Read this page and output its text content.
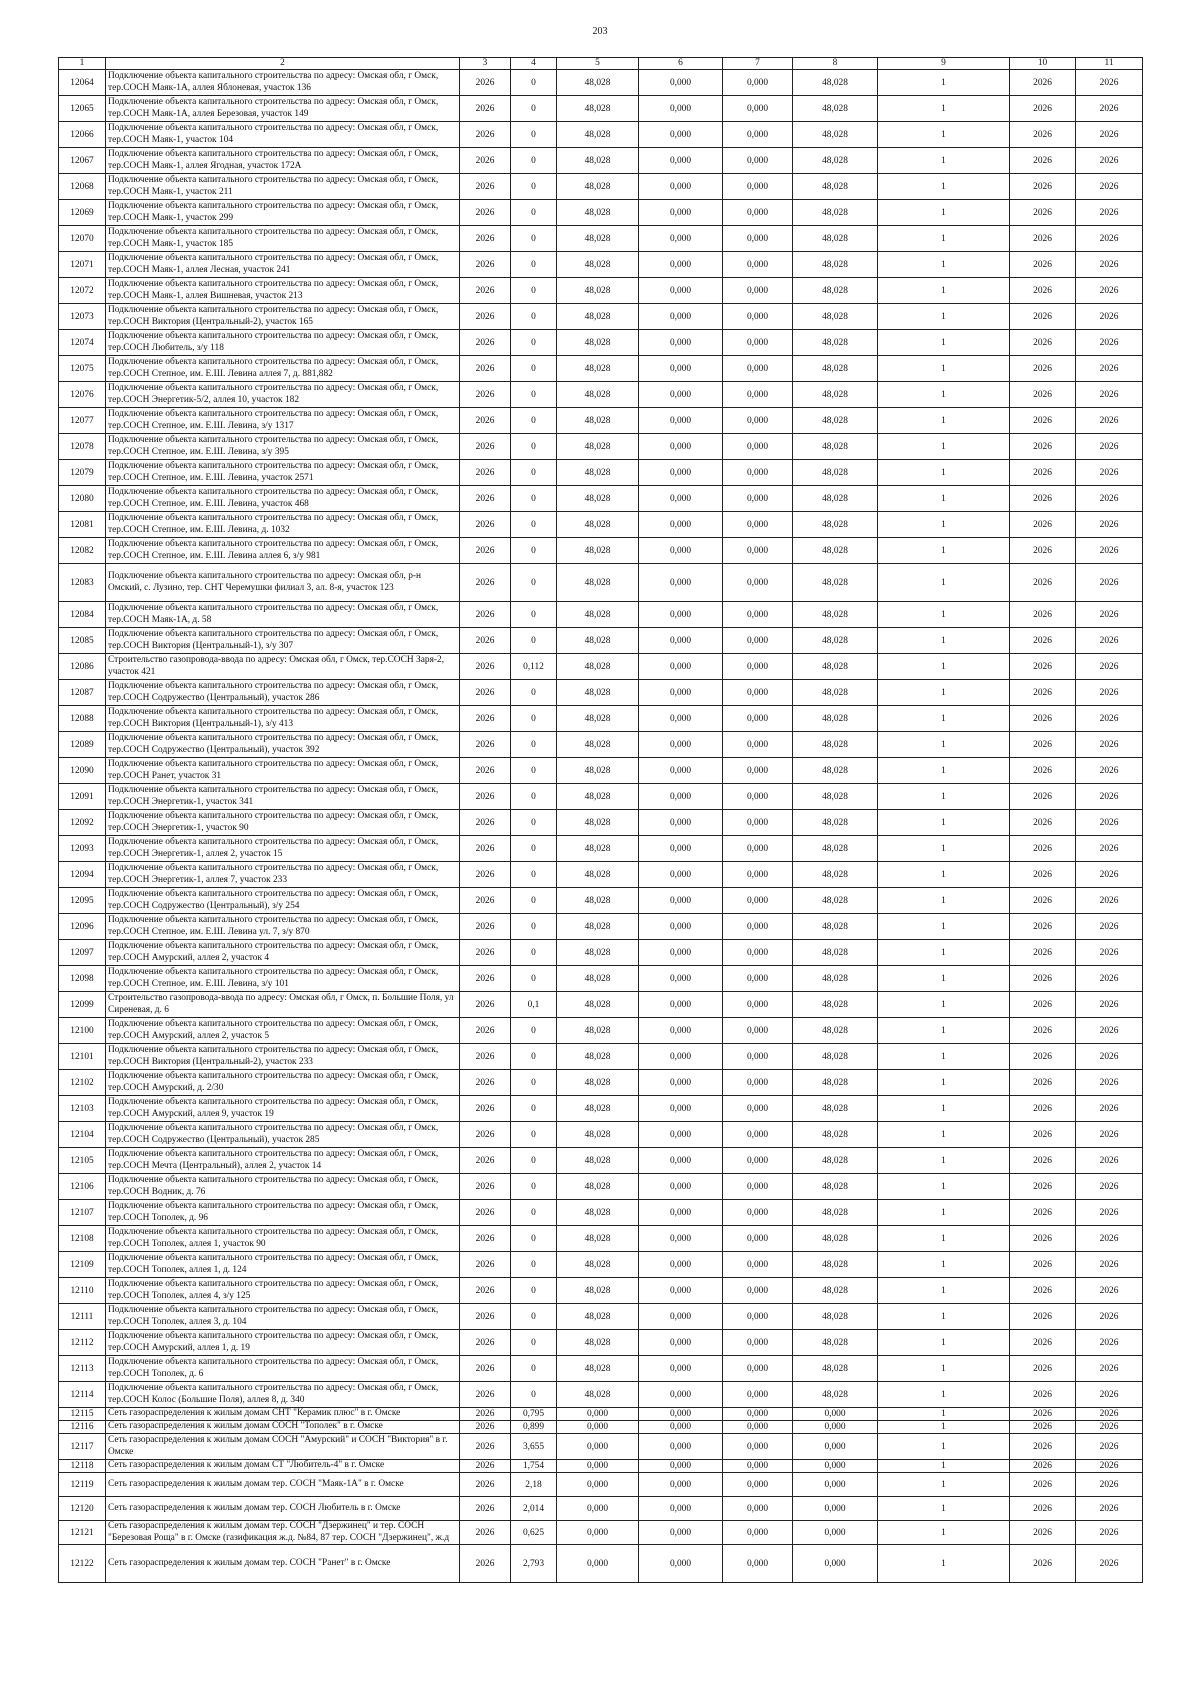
203
1	2	3	4	5	6	7	8	9	10	11
12064	Подключение объекта капитального строительства по адресу: Омская обл, г Омск, тер.СОСН Маяк-1А, аллея Яблоневая, участок 136	2026	0	48,028	0,000	0,000	48,028	1	2026	2026
12065	Подключение объекта капитального строительства по адресу: Омская обл, г Омск, тер.СОСН Маяк-1А, аллея Березовая, участок 149	2026	0	48,028	0,000	0,000	48,028	1	2026	2026
12066	Подключение объекта капитального строительства по адресу: Омская обл, г Омск, тер.СОСН Маяк-1, участок 104	2026	0	48,028	0,000	0,000	48,028	1	2026	2026
12067	Подключение объекта капитального строительства по адресу: Омская обл, г Омск, тер.СОСН Маяк-1, аллея Ягодная, участок 172А	2026	0	48,028	0,000	0,000	48,028	1	2026	2026
12068	Подключение объекта капитального строительства по адресу: Омская обл, г Омск, тер.СОСН Маяк-1, участок 211	2026	0	48,028	0,000	0,000	48,028	1	2026	2026
12069	Подключение объекта капитального строительства по адресу: Омская обл, г Омск, тер.СОСН Маяк-1, участок 299	2026	0	48,028	0,000	0,000	48,028	1	2026	2026
12070	Подключение объекта капитального строительства по адресу: Омская обл, г Омск, тер.СОСН Маяк-1, участок 185	2026	0	48,028	0,000	0,000	48,028	1	2026	2026
12071	Подключение объекта капитального строительства по адресу: Омская обл, г Омск, тер.СОСН Маяк-1, аллея Лесная, участок 241	2026	0	48,028	0,000	0,000	48,028	1	2026	2026
12072	Подключение объекта капитального строительства по адресу: Омская обл, г Омск, тер.СОСН Маяк-1, аллея Вишневая, участок 213	2026	0	48,028	0,000	0,000	48,028	1	2026	2026
12073	Подключение объекта капитального строительства по адресу: Омская обл, г Омск, тер.СОСН Виктория (Центральный-2), участок 165	2026	0	48,028	0,000	0,000	48,028	1	2026	2026
12074	Подключение объекта капитального строительства по адресу: Омская обл, г Омск, тер.СОСН Любитель, з/у 118	2026	0	48,028	0,000	0,000	48,028	1	2026	2026
12075	Подключение объекта капитального строительства по адресу: Омская обл, г Омск, тер.СОСН Степное, им. Е.Ш. Левина аллея 7, д. 881,882	2026	0	48,028	0,000	0,000	48,028	1	2026	2026
12076	Подключение объекта капитального строительства по адресу: Омская обл, г Омск, тер.СОСН Энергетик-5/2, аллея 10, участок 182	2026	0	48,028	0,000	0,000	48,028	1	2026	2026
12077	Подключение объекта капитального строительства по адресу: Омская обл, г Омск, тер.СОСН Степное, им. Е.Ш. Левина, з/у 1317	2026	0	48,028	0,000	0,000	48,028	1	2026	2026
12078	Подключение объекта капитального строительства по адресу: Омская обл, г Омск, тер.СОСН Степное, им. Е.Ш. Левина, з/у 395	2026	0	48,028	0,000	0,000	48,028	1	2026	2026
12079	Подключение объекта капитального строительства по адресу: Омская обл, г Омск, тер.СОСН Степное, им. Е.Ш. Левина, участок 2571	2026	0	48,028	0,000	0,000	48,028	1	2026	2026
12080	Подключение объекта капитального строительства по адресу: Омская обл, г Омск, тер.СОСН Степное, им. Е.Ш. Левина, участок 468	2026	0	48,028	0,000	0,000	48,028	1	2026	2026
12081	Подключение объекта капитального строительства по адресу: Омская обл, г Омск, тер.СОСН Степное, им. Е.Ш. Левина, д. 1032	2026	0	48,028	0,000	0,000	48,028	1	2026	2026
12082	Подключение объекта капитального строительства по адресу: Омская обл, г Омск, тер.СОСН Степное, им. Е.Ш. Левина аллея 6, з/у 981	2026	0	48,028	0,000	0,000	48,028	1	2026	2026
12083	Подключение объекта капитального строительства по адресу: Омская обл, р-н Омский, с. Лузино, тер. СНТ Черемушки филиал 3, ал. 8-я, участок 123	2026	0	48,028	0,000	0,000	48,028	1	2026	2026
12084	Подключение объекта капитального строительства по адресу: Омская обл, г Омск, тер.СОСН Маяк-1А, д. 58	2026	0	48,028	0,000	0,000	48,028	1	2026	2026
12085	Подключение объекта капитального строительства по адресу: Омская обл, г Омск, тер.СОСН Виктория (Центральный-1), з/у 307	2026	0	48,028	0,000	0,000	48,028	1	2026	2026
12086	Строительство газопровода-ввода по адресу: Омская обл, г Омск, тер.СОСН Заря-2, участок 421	2026	0,112	48,028	0,000	0,000	48,028	1	2026	2026
12087	Подключение объекта капитального строительства по адресу: Омская обл, г Омск, тер.СОСН Содружество (Центральный), участок 286	2026	0	48,028	0,000	0,000	48,028	1	2026	2026
12088	Подключение объекта капитального строительства по адресу: Омская обл, г Омск, тер.СОСН Виктория (Центральный-1), з/у 413	2026	0	48,028	0,000	0,000	48,028	1	2026	2026
12089	Подключение объекта капитального строительства по адресу: Омская обл, г Омск, тер.СОСН Содружество (Центральный), участок 392	2026	0	48,028	0,000	0,000	48,028	1	2026	2026
12090	Подключение объекта капитального строительства по адресу: Омская обл, г Омск, тер.СОСН Ранет, участок 31	2026	0	48,028	0,000	0,000	48,028	1	2026	2026
12091	Подключение объекта капитального строительства по адресу: Омская обл, г Омск, тер.СОСН Энергетик-1, участок 341	2026	0	48,028	0,000	0,000	48,028	1	2026	2026
12092	Подключение объекта капитального строительства по адресу: Омская обл, г Омск, тер.СОСН Энергетик-1, участок 90	2026	0	48,028	0,000	0,000	48,028	1	2026	2026
12093	Подключение объекта капитального строительства по адресу: Омская обл, г Омск, тер.СОСН Энергетик-1, аллея 2, участок 15	2026	0	48,028	0,000	0,000	48,028	1	2026	2026
12094	Подключение объекта капитального строительства по адресу: Омская обл, г Омск, тер.СОСН Энергетик-1, аллея 7, участок 233	2026	0	48,028	0,000	0,000	48,028	1	2026	2026
12095	Подключение объекта капитального строительства по адресу: Омская обл, г Омск, тер.СОСН Содружество (Центральный), з/у 254	2026	0	48,028	0,000	0,000	48,028	1	2026	2026
12096	Подключение объекта капитального строительства по адресу: Омская обл, г Омск, тер.СОСН Степное, им. Е.Ш. Левина ул. 7, з/у 870	2026	0	48,028	0,000	0,000	48,028	1	2026	2026
12097	Подключение объекта капитального строительства по адресу: Омская обл, г Омск, тер.СОСН Амурский, аллея 2, участок 4	2026	0	48,028	0,000	0,000	48,028	1	2026	2026
12098	Подключение объекта капитального строительства по адресу: Омская обл, г Омск, тер.СОСН Степное, им. Е.Ш. Левина, з/у 101	2026	0	48,028	0,000	0,000	48,028	1	2026	2026
12099	Строительство газопровода-ввода по адресу: Омская обл, г Омск, п. Большие Поля, ул Сиреневая, д. 6	2026	0,1	48,028	0,000	0,000	48,028	1	2026	2026
12100	Подключение объекта капитального строительства по адресу: Омская обл, г Омск, тер.СОСН Амурский, аллея 2, участок 5	2026	0	48,028	0,000	0,000	48,028	1	2026	2026
12101	Подключение объекта капитального строительства по адресу: Омская обл, г Омск, тер.СОСН Виктория (Центральный-2), участок 233	2026	0	48,028	0,000	0,000	48,028	1	2026	2026
12102	Подключение объекта капитального строительства по адресу: Омская обл, г Омск, тер.СОСН Амурский, д. 2/30	2026	0	48,028	0,000	0,000	48,028	1	2026	2026
12103	Подключение объекта капитального строительства по адресу: Омская обл, г Омск, тер.СОСН Амурский, аллея 9, участок 19	2026	0	48,028	0,000	0,000	48,028	1	2026	2026
12104	Подключение объекта капитального строительства по адресу: Омская обл, г Омск, тер.СОСН Содружество (Центральный), участок 285	2026	0	48,028	0,000	0,000	48,028	1	2026	2026
12105	Подключение объекта капитального строительства по адресу: Омская обл, г Омск, тер.СОСН Мечта (Центральный), аллея 2, участок 14	2026	0	48,028	0,000	0,000	48,028	1	2026	2026
12106	Подключение объекта капитального строительства по адресу: Омская обл, г Омск, тер.СОСН Водник, д. 76	2026	0	48,028	0,000	0,000	48,028	1	2026	2026
12107	Подключение объекта капитального строительства по адресу: Омская обл, г Омск, тер.СОСН Тополек, д. 96	2026	0	48,028	0,000	0,000	48,028	1	2026	2026
12108	Подключение объекта капитального строительства по адресу: Омская обл, г Омск, тер.СОСН Тополек, аллея 1, участок 90	2026	0	48,028	0,000	0,000	48,028	1	2026	2026
12109	Подключение объекта капитального строительства по адресу: Омская обл, г Омск, тер.СОСН Тополек, аллея 1, д. 124	2026	0	48,028	0,000	0,000	48,028	1	2026	2026
12110	Подключение объекта капитального строительства по адресу: Омская обл, г Омск, тер.СОСН Тополек, аллея 4, з/у 125	2026	0	48,028	0,000	0,000	48,028	1	2026	2026
12111	Подключение объекта капитального строительства по адресу: Омская обл, г Омск, тер.СОСН Тополек, аллея 3, д. 104	2026	0	48,028	0,000	0,000	48,028	1	2026	2026
12112	Подключение объекта капитального строительства по адресу: Омская обл, г Омск, тер.СОСН Амурский, аллея 1, д. 19	2026	0	48,028	0,000	0,000	48,028	1	2026	2026
12113	Подключение объекта капитального строительства по адресу: Омская обл, г Омск, тер.СОСН Тополек, д. 6	2026	0	48,028	0,000	0,000	48,028	1	2026	2026
12114	Подключение объекта капитального строительства по адресу: Омская обл, г Омск, тер.СОСН Колос (Большие Поля), аллея 8, д. 340	2026	0	48,028	0,000	0,000	48,028	1	2026	2026
12115	Сеть газораспределения к жилым домам СНТ "Керамик плюс" в г. Омске	2026	0,795	0,000	0,000	0,000	0,000	1	2026	2026
12116	Сеть газораспределения к жилым домам СОСН "Тополек" в г. Омске	2026	0,899	0,000	0,000	0,000	0,000	1	2026	2026
12117	Сеть газораспределения к жилым домам СОСН "Амурский" и СОСН "Виктория" в г. Омске	2026	3,655	0,000	0,000	0,000	0,000	1	2026	2026
12118	Сеть газораспределения к жилым домам СТ "Любитель-4" в г. Омске	2026	1,754	0,000	0,000	0,000	0,000	1	2026	2026
12119	Сеть газораспределения к жилым домам тер. СОСН "Маяк-1А" в г. Омске	2026	2,18	0,000	0,000	0,000	0,000	1	2026	2026
12120	Сеть газораспределения к жилым домам тер. СОСН Любитель в г. Омске	2026	2,014	0,000	0,000	0,000	0,000	1	2026	2026
12121	Сеть газораспределения к жилым домам тер. СОСН "Дзержинец" и тер. СОСН "Березовая Роща" в г. Омске (газификация ж.д. №84, 87 тер. СОСН "Дзержинец", ж.д	2026	0,625	0,000	0,000	0,000	0,000	1	2026	2026
12122	Сеть газораспределения к жилым домам тер. СОСН "Ранет" в г. Омске	2026	2,793	0,000	0,000	0,000	0,000	1	2026	2026
